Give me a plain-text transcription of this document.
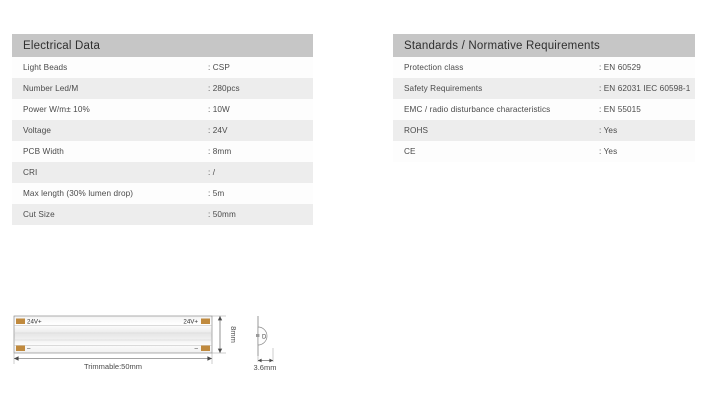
Electrical Data
Light Beads	: CSP
Number Led/M	: 280pcs
Power W/m± 10%	: 10W
Voltage	: 24V
PCB Width	: 8mm
CRI	: /
Max length (30% lumen drop)	: 5m
Cut Size	: 50mm
Standards / Normative Requirements
Protection class	: EN 60529
Safety Requirements	: EN 62031 IEC 60598-1
EMC / radio disturbance characteristics	: EN 55015
ROHS	: Yes
CE	: Yes
24V+
–
24V+
–
8mm
Trimmable:50mm
D
3.6mm
